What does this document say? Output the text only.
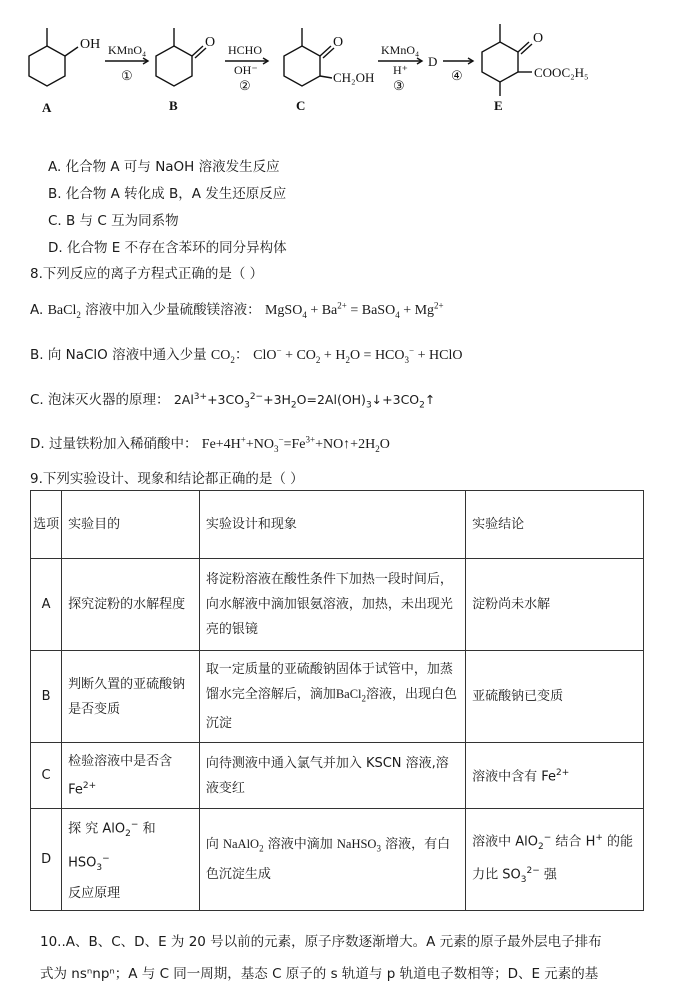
OH
A
KMnO₄
①
O
B
HCHO
OH⁻
②
O
CH₂OH
C
KMnO₄
H⁺
③
D
④
O
COOC₂H₅
E
A. 化合物 A 可与 NaOH 溶液发生反应
B. 化合物 A 转化成 B，A 发生还原反应
C. B 与 C 互为同系物
D. 化合物 E 不存在含苯环的同分异构体
8.下列反应的离子方程式正确的是（ ）
A. BaCl$_2$ 溶液中加入少量硫酸镁溶液： MgSO$_4$ + $Ba^{2+}$ = BaSO$_4$ + $Mg^{2+}$
B. 向 NaClO 溶液中通入少量 $CO_2$： $ClO^- + CO_2 + H_2O = HCO_3^-$ + HClO
C. 泡沫灭火器的原理： $2Al^{3+}+3CO_3^{2-}+3H_2O=2Al(OH)_3↓+3CO_2↑$
D. 过量铁粉加入稀硝酸中： $Fe+4H^++NO_3^-=Fe^{3+}+NO↑+2H_2O$
9.下列实验设计、现象和结论都正确的是（ ）
选项	实验目的	实验设计和现象	实验结论
A	探究淀粉的水解程度	将淀粉溶液在酸性条件下加热一段时间后，向水解液中滴加银氨溶液，加热，未出现光亮的银镜	淀粉尚未水解
B	判断久置的亚硫酸钠是否变质	取一定质量的亚硫酸钠固体于试管中，加蒸馏水完全溶解后，滴加BaCl$_2$溶液，出现白色沉淀	亚硫酸钠已变质
C	检验溶液中是否含
$Fe^{2+}$	向待测液中通入氯气并加入 KSCN 溶液,溶液变红	溶液中含有 $Fe^{2+}$
D	探 究 AlO$_2$− 和 $HSO_3^-$
反应原理	向 NaAlO$_2$ 溶液中滴加 NaHSO$_3$ 溶液，有白色沉淀生成	溶液中 AlO$_2$− 结合 H+ 的能力比 $SO_3^{2-}$ 强
10..A、B、C、D、E 为 20 号以前的元素，原子序数逐渐增大。A 元素的原子最外层电子排布
式为 nsⁿnpⁿ；A 与 C 同一周期，基态 C 原子的 s 轨道与 p 轨道电子数相等；D、E 元素的基
